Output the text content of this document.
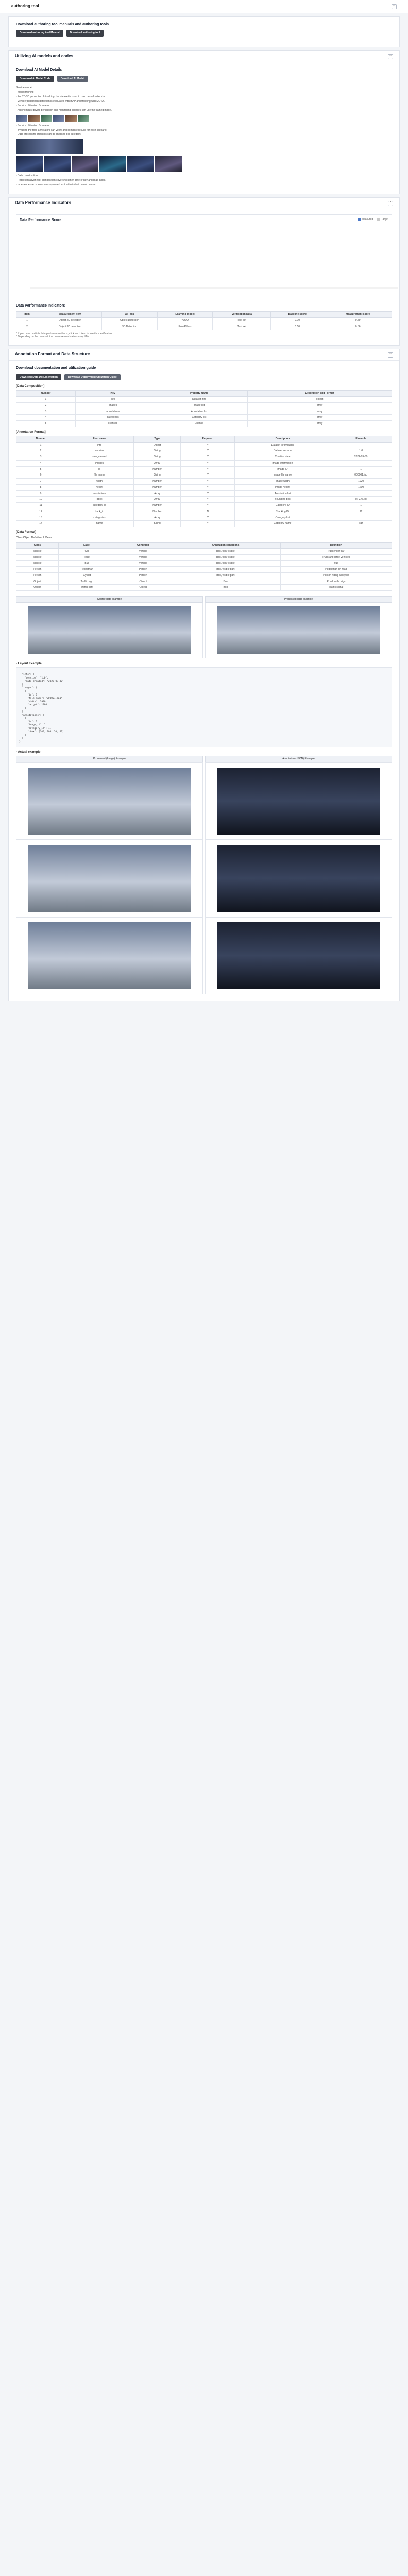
authoring tool	⌃
Download authoring tool manuals and authoring tools
Download authoring tool Manual	Download authoring tool
Utilizing AI models and codes	⌃
Download AI Model Details
Download AI Model Code	Download AI Model

Service model

- Model training

- For 2D/3D perception & tracking, the dataset is used to train neural networks.

- Vehicle/pedestrian detection is evaluated with mAP and tracking with MOTA.

- Service Utilization Scenario

- Autonomous-driving perception and monitoring services can use the trained model.

- Service Utilization Scenario

- By using the tool, annotators can verify and compare results for each scenario.

- Data processing statistics can be checked per category.

- Data construction

- Representativeness: composition covers weather, time of day and road types.

- Independence: scenes are separated so that train/test do not overlap.

Data Performance Indicators	⌃
Data Performance Score	Measured	Target
Data Performance Indicators
Item	Measurement Item	AI Task	Learning model	Verification Data	Baseline score	Measurement score
1	Object 2D detection	Object Detection	YOLO	Test set	0.70	0.79
2	Object 3D detection	3D Detection	PointPillars	Test set	0.50	0.56

* If you have multiple data performance items, click each item to see its specification.

* Depending on the data set, the measurement values may differ.

Annotation Format and Data Structure	⌃
Download documentation and utilization guide
Download Data Documentation	Download Deployment Utilization Guide
[Data Composition]
Number	Key	Property Name	Description and Format
1	info	Dataset info	object
2	images	Image list	array
3	annotations	Annotation list	array
4	categories	Category list	array
5	licenses	License	array
[Annotation Format]
Number	Item name	Type	Required	Description	Example
1	info	Object	Y	Dataset information	
2	version	String	Y	Dataset version	1.0
3	date_created	String	Y	Creation date	2022-09-30
4	images	Array	Y	Image information	
5	id	Number	Y	Image ID	1
6	file_name	String	Y	Image file name	000001.jpg
7	width	Number	Y	Image width	1920
8	height	Number	Y	Image height	1200
9	annotations	Array	Y	Annotation list	
10	bbox	Array	Y	Bounding box	[x, y, w, h]
11	category_id	Number	Y	Category ID	1
12	track_id	Number	N	Tracking ID	12
13	categories	Array	Y	Category list	
14	name	String	Y	Category name	car
[Data Format]
Class Object Definition & Views
Class	Label	Condition	Annotation conditions	Definition
Vehicle	Car	Vehicle	Box, fully visible	Passenger car
Vehicle	Truck	Vehicle	Box, fully visible	Truck and large vehicles
Vehicle	Bus	Vehicle	Box, fully visible	Bus
Person	Pedestrian	Person	Box, visible part	Pedestrian on road
Person	Cyclist	Person	Box, visible part	Person riding a bicycle
Object	Traffic sign	Object	Box	Road traffic sign
Object	Traffic light	Object	Box	Traffic signal
Source data example	Processed data example
- Layout Example
{
"info": {
"version": "1.0",
"date_created": "2022-09-30"
},
"images": [
{
"id": 1,
"file_name": "000001.jpg",
"width": 1920,
"height": 1200
}
],
"annotations": [
{
"id": 1,
"image_id": 1,
"category_id": 1,
"bbox": [100, 200, 50, 40]
}
]
}
- Actual example
Processed (Image) Example	Annotation (JSON) Example
